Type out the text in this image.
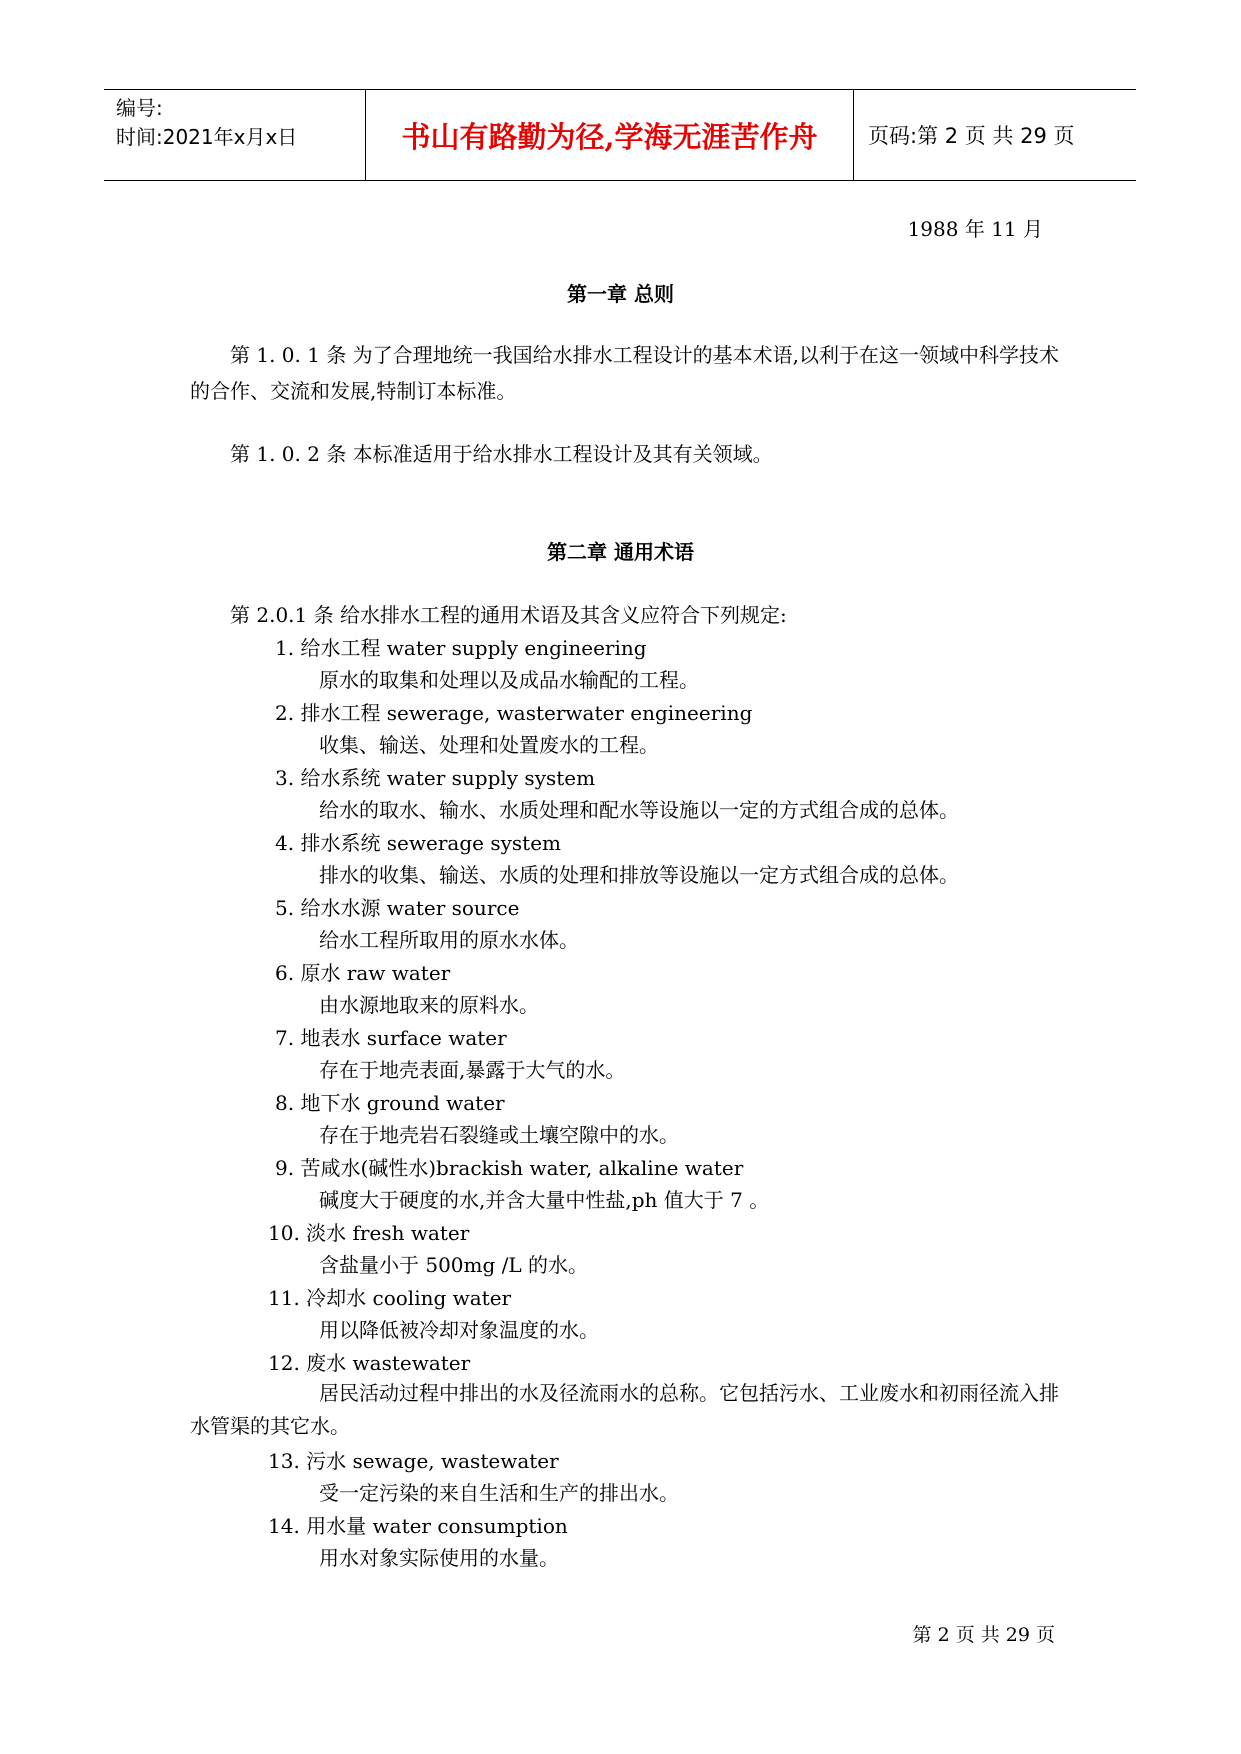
编号:
时间:2021年x月x日	书山有路勤为径,学海无涯苦作舟	页码:第 2 页 共 29 页
1988 年 11 月
第一章 总则
第 1. 0. 1 条 为了合理地统一我国给水排水工程设计的基本术语,以利于在这一领域中科学技术的合作、交流和发展,特制订本标准。
第 1. 0. 2 条 本标准适用于给水排水工程设计及其有关领域。
第二章 通用术语
第 2.0.1 条 给水排水工程的通用术语及其含义应符合下列规定:
1. 给水工程 water supply engineering
原水的取集和处理以及成品水输配的工程。
2. 排水工程 sewerage, wasterwater engineering
收集、输送、处理和处置废水的工程。
3. 给水系统 water supply system
给水的取水、输水、水质处理和配水等设施以一定的方式组合成的总体。
4. 排水系统 sewerage system
排水的收集、输送、水质的处理和排放等设施以一定方式组合成的总体。
5. 给水水源 water source
给水工程所取用的原水水体。
6. 原水 raw water
由水源地取来的原料水。
7. 地表水 surface water
存在于地壳表面,暴露于大气的水。
8. 地下水 ground water
存在于地壳岩石裂缝或土壤空隙中的水。
9. 苦咸水(碱性水)brackish water, alkaline water
碱度大于硬度的水,并含大量中性盐,ph 值大于 7 。
10. 淡水 fresh water
含盐量小于 500mg /L 的水。
11. 冷却水 cooling water
用以降低被冷却对象温度的水。
12. 废水 wastewater
居民活动过程中排出的水及径流雨水的总称。它包括污水、工业废水和初雨径流入排水管渠的其它水。
13. 污水 sewage, wastewater
受一定污染的来自生活和生产的排出水。
14. 用水量 water consumption
用水对象实际使用的水量。
第 2 页 共 29 页
